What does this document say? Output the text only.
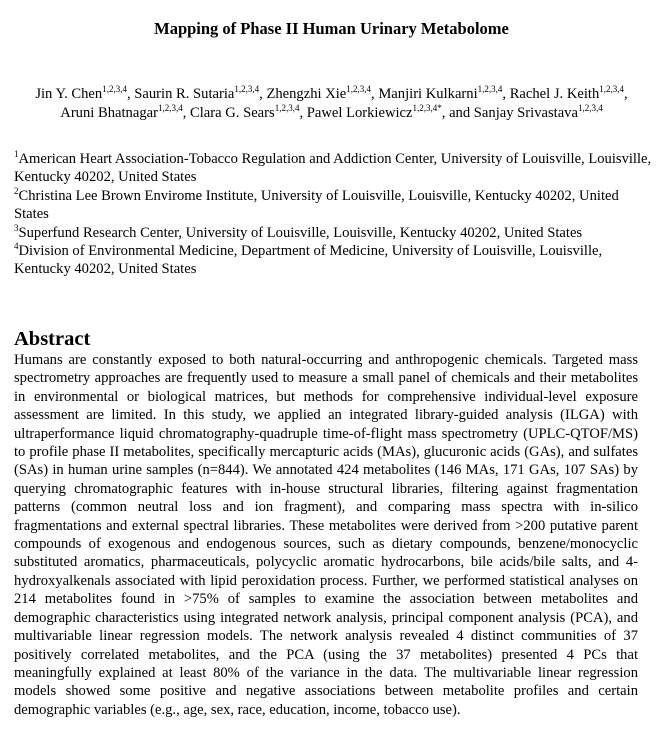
Mapping of Phase II Human Urinary Metabolome

Jin Y. Chen$^{1,2,3,4}$, Saurin R. Sutaria$^{1,2,3,4}$, Zhengzhi Xie$^{1,2,3,4}$, Manjiri Kulkarni$^{1,2,3,4}$, Rachel J. Keith$^{1,2,3,4}$, Aruni Bhatnagar$^{1,2,3,4}$, Clara G. Sears$^{1,2,3,4}$, Pawel Lorkiewicz$^{1,2,3,4*}$, and Sanjay Srivastava$^{1,2,3,4}$

$^1$American Heart Association-Tobacco Regulation and Addiction Center, University of Louisville, Louisville, Kentucky 40202, United States

$^2$Christina Lee Brown Envirome Institute, University of Louisville, Louisville, Kentucky 40202, United States

$^3$Superfund Research Center, University of Louisville, Louisville, Kentucky 40202, United States

$^4$Division of Environmental Medicine, Department of Medicine, University of Louisville, Louisville, Kentucky 40202, United States

Abstract

Humans are constantly exposed to both natural-occurring and anthropogenic chemicals. Targeted mass spectrometry approaches are frequently used to measure a small panel of chemicals and their metabolites in environmental or biological matrices, but methods for comprehensive individual-level exposure assessment are limited. In this study, we applied an integrated library-guided analysis (ILGA) with ultraperformance liquid chromatography-quadruple time-of-flight mass spectrometry (UPLC-QTOF/MS) to profile phase II metabolites, specifically mercapturic acids (MAs), glucuronic acids (GAs), and sulfates (SAs) in human urine samples (n=844). We annotated 424 metabolites (146 MAs, 171 GAs, 107 SAs) by querying chromatographic features with in-house structural libraries, filtering against fragmentation patterns (common neutral loss and ion fragment), and comparing mass spectra with in-silico fragmentations and external spectral libraries. These metabolites were derived from >200 putative parent compounds of exogenous and endogenous sources, such as dietary compounds, benzene/monocyclic substituted aromatics, pharmaceuticals, polycyclic aromatic hydrocarbons, bile acids/bile salts, and 4-hydroxyalkenals associated with lipid peroxidation process. Further, we performed statistical analyses on 214 metabolites found in >75% of samples to examine the association between metabolites and demographic characteristics using integrated network analysis, principal component analysis (PCA), and multivariable linear regression models. The network analysis revealed 4 distinct communities of 37 positively correlated metabolites, and the PCA (using the 37 metabolites) presented 4 PCs that meaningfully explained at least 80% of the variance in the data. The multivariable linear regression models showed some positive and negative associations between metabolite profiles and certain demographic variables (e.g., age, sex, race, education, income, tobacco use).
